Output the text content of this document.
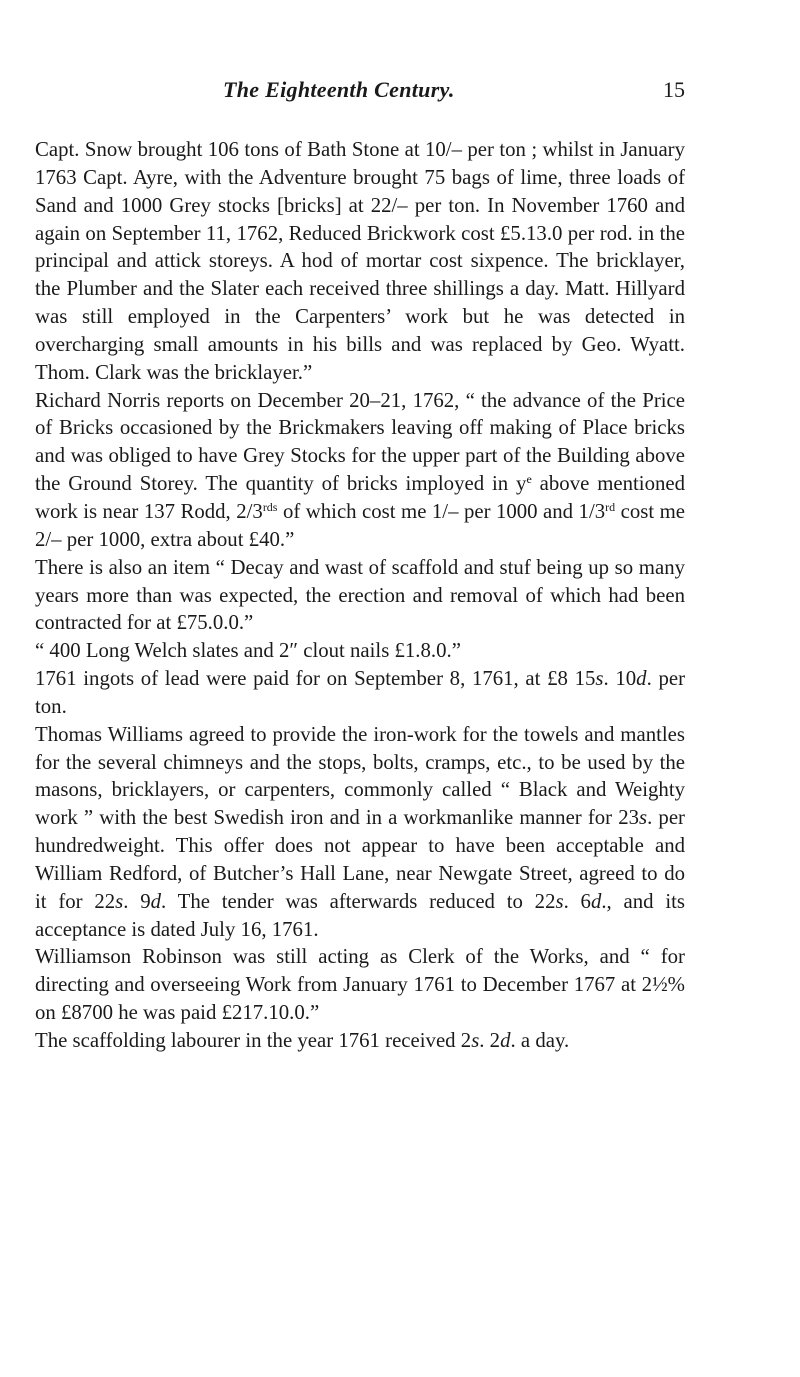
The Eighteenth Century.	15

Capt. Snow brought 106 tons of Bath Stone at 10/– per ton ; whilst in January 1763 Capt. Ayre, with the Adventure brought 75 bags of lime, three loads of Sand and 1000 Grey stocks [bricks] at 22/– per ton. In November 1760 and again on September 11, 1762, Reduced Brickwork cost £5.13.0 per rod. in the principal and attick storeys. A hod of mortar cost sixpence. The bricklayer, the Plumber and the Slater each received three shillings a day. Matt. Hillyard was still employed in the Carpenters’ work but he was detected in overcharging small amounts in his bills and was replaced by Geo. Wyatt. Thom. Clark was the bricklayer.”

Richard Norris reports on December 20–21, 1762, “ the advance of the Price of Bricks occasioned by the Brickmakers leaving off making of Place bricks and was obliged to have Grey Stocks for the upper part of the Building above the Ground Storey. The quantity of bricks imployed in $y^e$ above mentioned work is near 137 Rodd, $2/3^{rds}$ of which cost me 1/– per 1000 and 1/3rd cost me 2/– per 1000, extra about £40.”

There is also an item “ Decay and wast of scaffold and stuf being up so many years more than was expected, the erection and removal of which had been contracted for at £75.0.0.”

“ 400 Long Welch slates and 2″ clout nails £1.8.0.”

1761 ingots of lead were paid for on September 8, 1761, at £8 15s. 10d. per ton.

Thomas Williams agreed to provide the iron-work for the towels and mantles for the several chimneys and the stops, bolts, cramps, etc., to be used by the masons, bricklayers, or carpenters, commonly called “ Black and Weighty work ” with the best Swedish iron and in a workmanlike manner for 23s. per hundredweight. This offer does not appear to have been acceptable and William Redford, of Butcher’s Hall Lane, near Newgate Street, agreed to do it for 22s. 9d. The tender was afterwards reduced to 22s. 6d., and its acceptance is dated July 16, 1761.

Williamson Robinson was still acting as Clerk of the Works, and “ for directing and overseeing Work from January 1761 to December 1767 at 2½% on £8700 he was paid £217.10.0.”

The scaffolding labourer in the year 1761 received 2s. 2d. a day.
